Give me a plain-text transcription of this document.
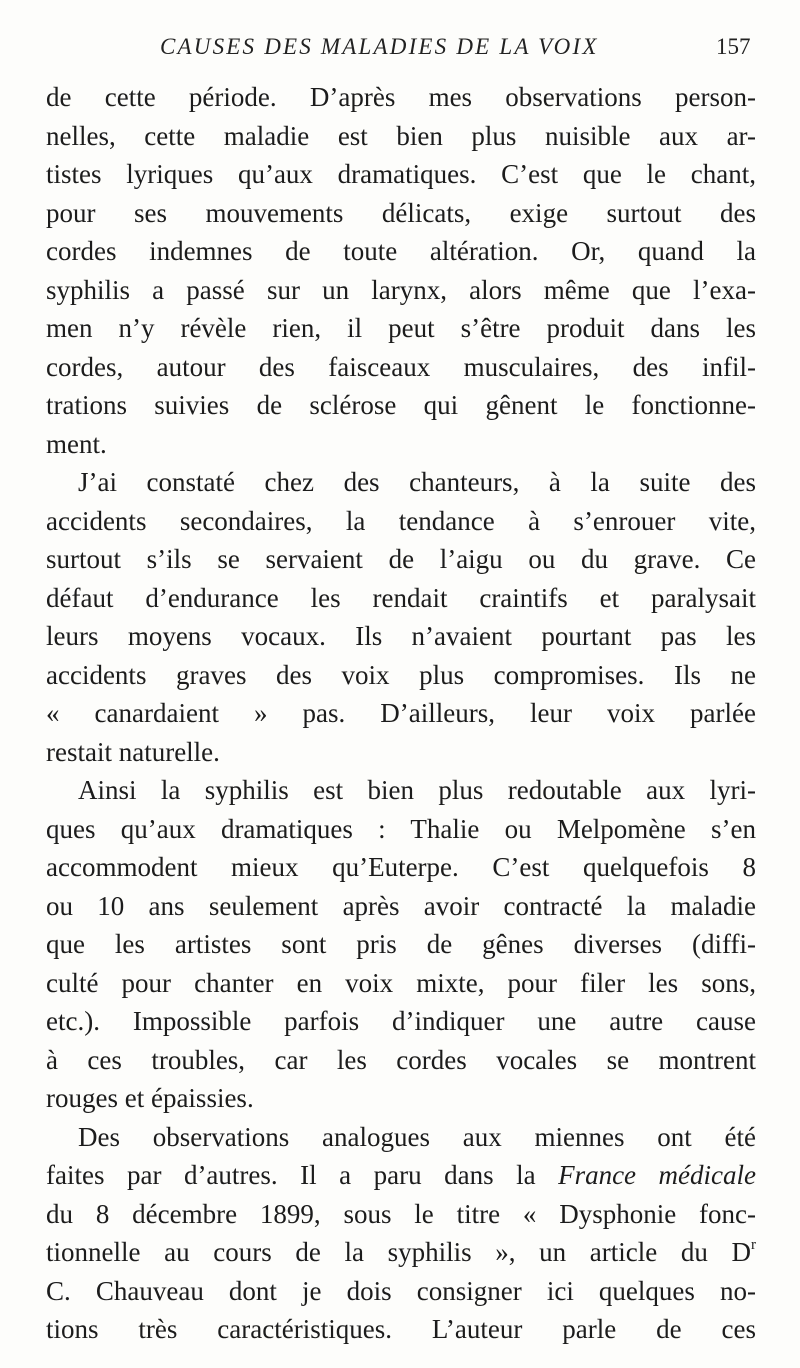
CAUSES DES MALADIES DE LA VOIX	157
de cette période. D’après mes observations person-
nelles, cette maladie est bien plus nuisible aux ar-
tistes lyriques qu’aux dramatiques. C’est que le chant,
pour ses mouvements délicats, exige surtout des
cordes indemnes de toute altération. Or, quand la
syphilis a passé sur un larynx, alors même que l’exa-
men n’y révèle rien, il peut s’être produit dans les
cordes, autour des faisceaux musculaires, des infil-
trations suivies de sclérose qui gênent le fonctionne-
ment.
J’ai constaté chez des chanteurs, à la suite des
accidents secondaires, la tendance à s’enrouer vite,
surtout s’ils se servaient de l’aigu ou du grave. Ce
défaut d’endurance les rendait craintifs et paralysait
leurs moyens vocaux. Ils n’avaient pourtant pas les
accidents graves des voix plus compromises. Ils ne
« canardaient » pas. D’ailleurs, leur voix parlée
restait naturelle.
Ainsi la syphilis est bien plus redoutable aux lyri-
ques qu’aux dramatiques : Thalie ou Melpomène s’en
accommodent mieux qu’Euterpe. C’est quelquefois 8
ou 10 ans seulement après avoir contracté la maladie
que les artistes sont pris de gênes diverses (diffi-
culté pour chanter en voix mixte, pour filer les sons,
etc.). Impossible parfois d’indiquer une autre cause
à ces troubles, car les cordes vocales se montrent
rouges et épaissies.
Des observations analogues aux miennes ont été
faites par d’autres. Il a paru dans la France médicale
du 8 décembre 1899, sous le titre « Dysphonie fonc-
tionnelle au cours de la syphilis », un article du $D^r$
C. Chauveau dont je dois consigner ici quelques no-
tions très caractéristiques. L’auteur parle de ces
